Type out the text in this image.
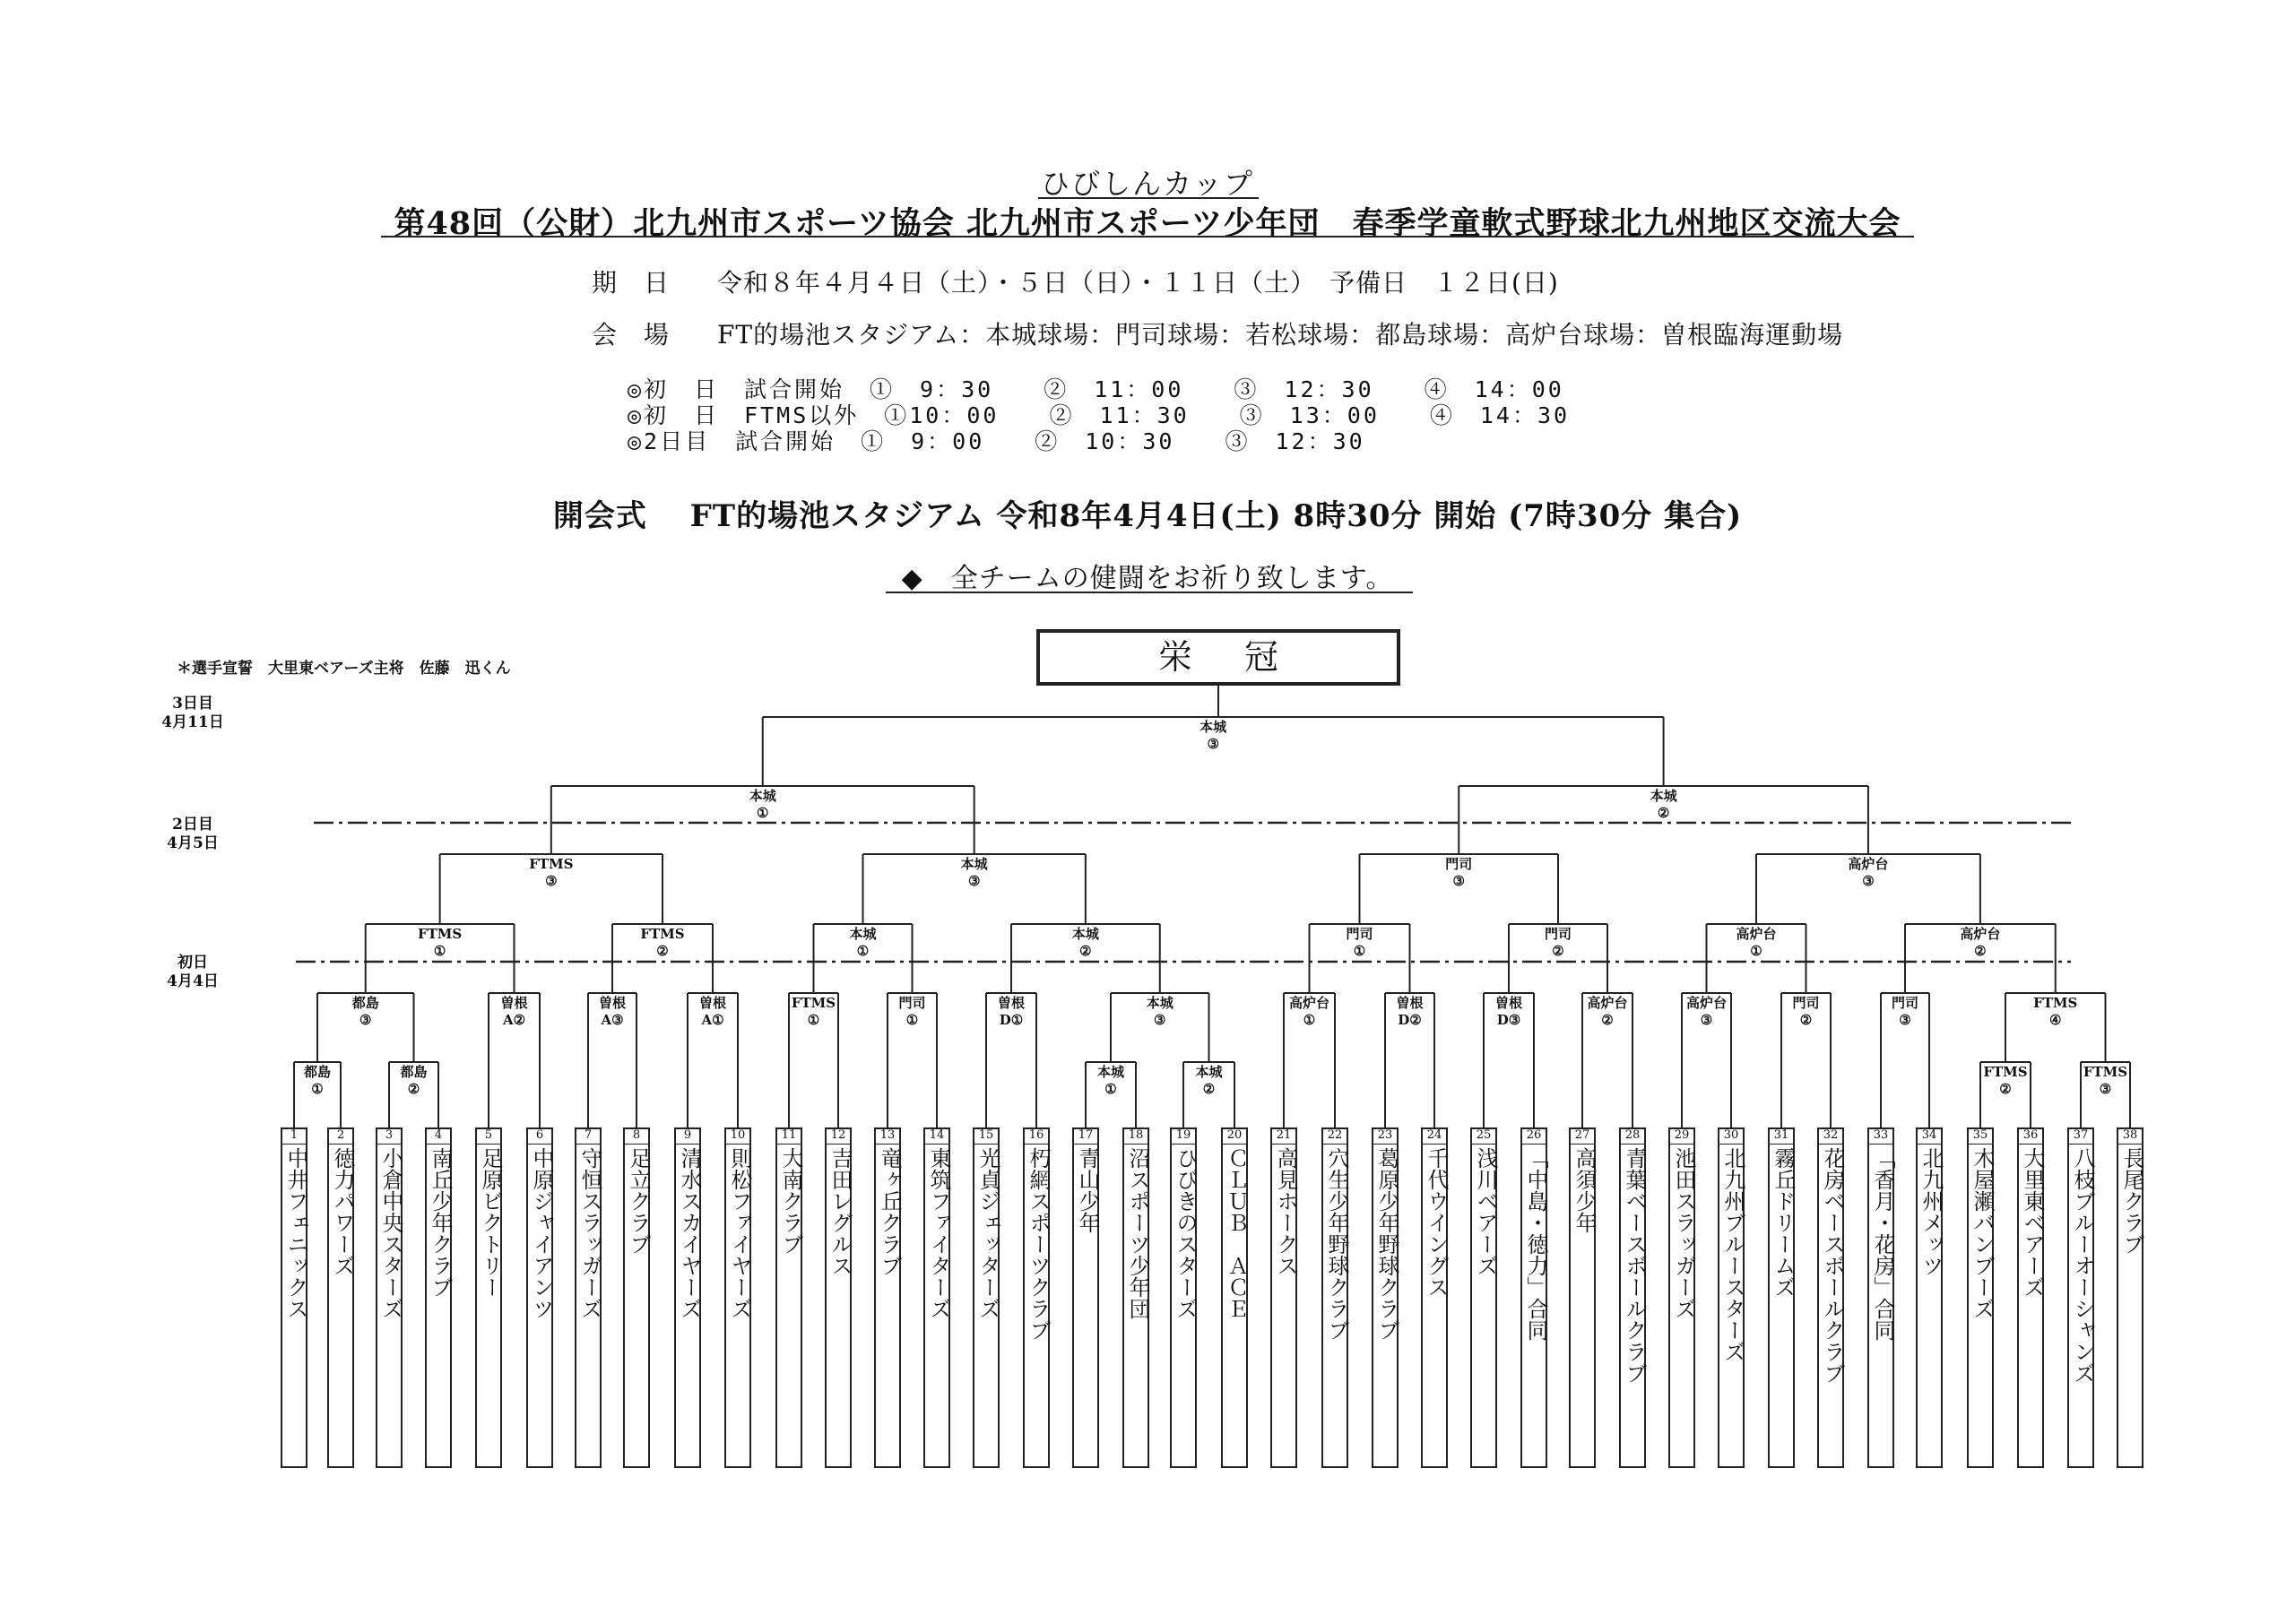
ひびしんカップ
第48回（公財）北九州市スポーツ協会 北九州市スポーツ少年団　春季学童軟式野球北九州地区交流大会
期　日 令和８年４月４日（土）・５日（日）・１１日（土）　予備日　１２日(日)
会　場 FT的場池スタジアム：本城球場：門司球場：若松球場：都島球場：高炉台球場：曽根臨海運動場
◎初　日　試合開始　①　9：30　　②　11：00　　③　12：30　　④　14：00
◎初　日　FTMS以外　①10：00　　②　11：30　　③　13：00　　④　14：30
◎2日目　試合開始　①　9：00　　②　10：30　　③　12：30
開会式　 FT的場池スタジアム 令和8年4月4日(土) 8時30分 開始 (7時30分 集合)
◆　全チームの健闘をお祈り致します。
＊選手宣誓　大里東ベアーズ主将　佐藤　迅くん
3日目
4月11日
2日目
4月5日
初日
4月4日
栄冠
都島
①
都島
②
本城
①
本城
②
FTMS
②
FTMS
③
都島
③
曽根
A②
曽根
A③
曽根
A①
FTMS
①
門司
①
曽根
D①
本城
③
高炉台
①
曽根
D②
曽根
D③
高炉台
②
高炉台
③
門司
②
門司
③
FTMS
④
FTMS
①
FTMS
②
本城
①
本城
②
門司
①
門司
②
高炉台
①
高炉台
②
FTMS
③
本城
③
門司
③
高炉台
③
本城
①
本城
②
本城
③
1
中井フェニックス
2
徳力パワーズ
3
小倉中央スターズ
4
南丘少年クラブ
5
足原ビクトリー
6
中原ジャイアンツ
7
守恒スラッガーズ
8
足立クラブ
9
清水スカイヤーズ
10
則松ファイヤーズ
11
大南クラブ
12
吉田レグルス
13
竜ヶ丘クラブ
14
東筑ファイターズ
15
光貞ジェッターズ
16
朽網スポーツクラブ
17
青山少年
18
沼スポーツ少年団
19
ひびきのスターズ
20
ＣＬＵＢ　ＡＣＥ
21
高見ホークス
22
穴生少年野球クラブ
23
葛原少年野球クラブ
24
千代ウイングス
25
浅川ベアーズ
26
「中島・徳力」合同
27
高須少年
28
青葉ベースボールクラブ
29
池田スラッガーズ
30
北九州ブルースターズ
31
霧丘ドリームズ
32
花房ベースボールクラブ
33
「香月・花房」合同
34
北九州メッツ
35
木屋瀬バンブーズ
36
大里東ベアーズ
37
八枝ブルーオーシャンズ
38
長尾クラブ
